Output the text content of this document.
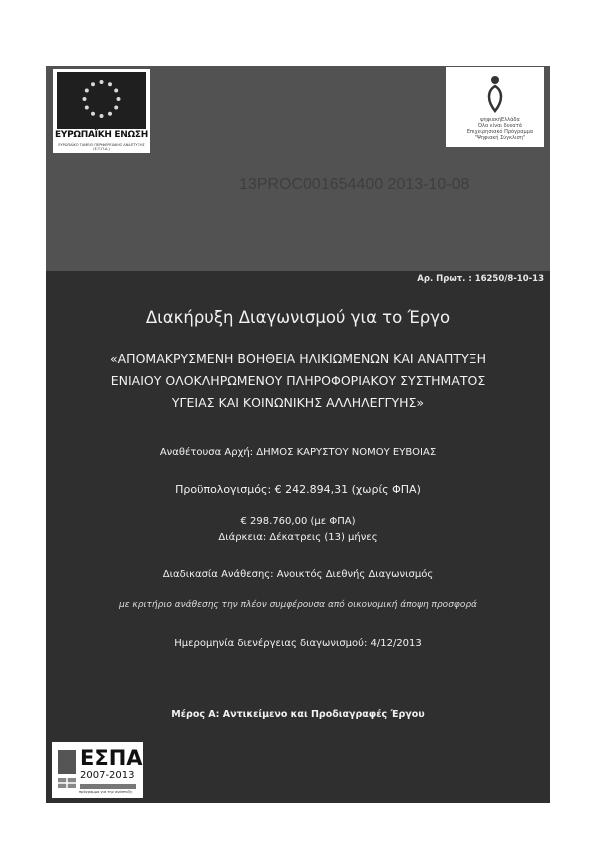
ΕΥΡΩΠΑΪΚΗ ΕΝΩΣΗ
ΕΥΡΩΠΑΪΚΟ ΤΑΜΕΙΟ ΠΕΡΙΦΕΡΕΙΑΚΗΣ ΑΝΑΠΤΥΞΗΣ (Ε.Τ.Π.Α.)
ψηφιακήΕλλάδα
Όλα είναι δυνατά
Επιχειρησιακό Πρόγραμμα
"Ψηφιακή Σύγκλιση"
13PROC001654400 2013-10-08
Αρ. Πρωτ. : 16250/8-10-13
Διακήρυξη Διαγωνισμού για το Έργο
«ΑΠΟΜΑΚΡΥΣΜΕΝΗ ΒΟΗΘΕΙΑ ΗΛΙΚΙΩΜΕΝΩΝ ΚΑΙ ΑΝΑΠΤΥΞΗ
ΕΝΙΑΙΟΥ ΟΛΟΚΛΗΡΩΜΕΝΟΥ ΠΛΗΡΟΦΟΡΙΑΚΟΥ ΣΥΣΤΗΜΑΤΟΣ
ΥΓΕΙΑΣ ΚΑΙ ΚΟΙΝΩΝΙΚΗΣ ΑΛΛΗΛΕΓΓΥΗΣ»
Αναθέτουσα Αρχή: ΔΗΜΟΣ ΚΑΡΥΣΤΟΥ ΝΟΜΟΥ ΕΥΒΟΙΑΣ
Προϋπολογισμός: € 242.894,31 (χωρίς ΦΠΑ)
€ 298.760,00 (με ΦΠΑ)
Διάρκεια: Δέκατρεις (13) μήνες
Διαδικασία Ανάθεσης: Ανοικτός Διεθνής Διαγωνισμός
με κριτήριο ανάθεσης την πλέον συμφέρουσα από οικονομική άποψη προσφορά
Ημερομηνία διενέργειας διαγωνισμού: 4/12/2013
Μέρος Α: Αντικείμενο και Προδιαγραφές Έργου
ΕΣΠΑ
2007-2013
πρόγραμμα για την ανάπτυξη
